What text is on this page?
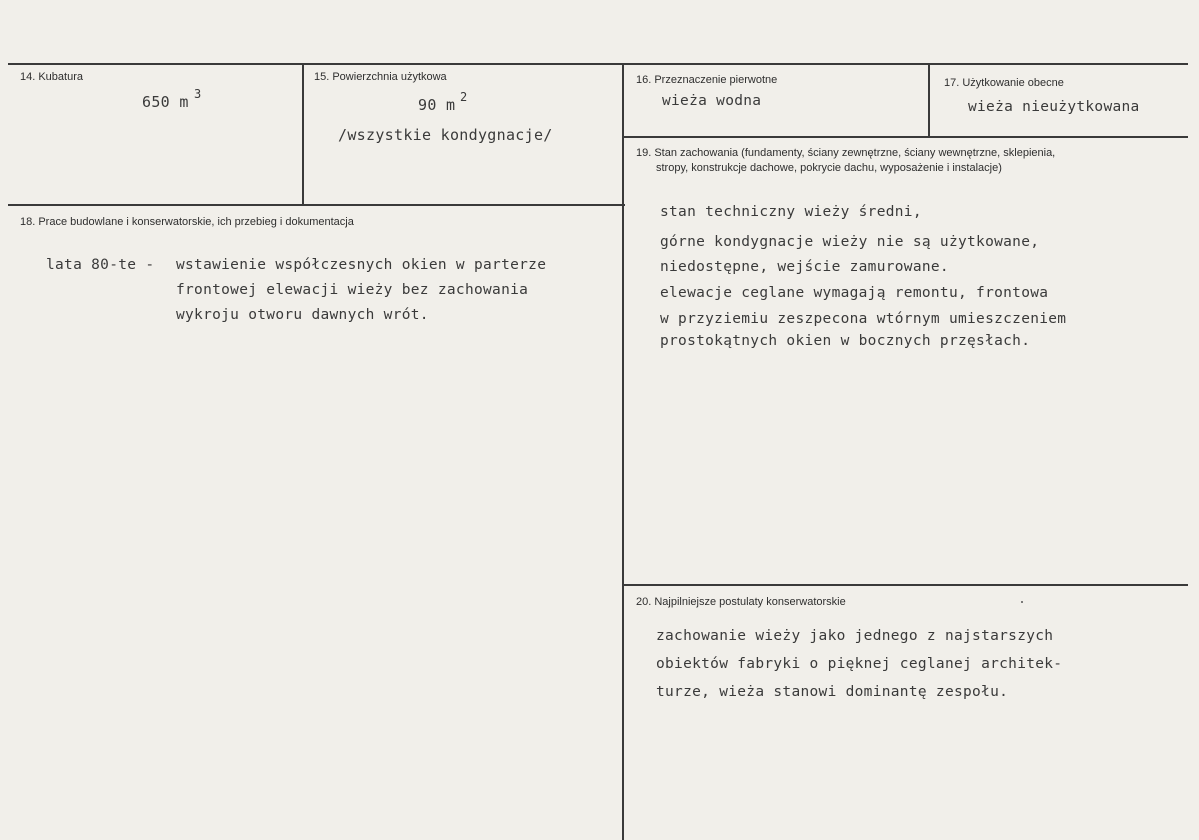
14. Kubatura
650 m 3
15. Powierzchnia użytkowa
90 m 2
/wszystkie kondygnacje/
16. Przeznaczenie pierwotne
wieża wodna
17. Użytkowanie obecne
wieża nieużytkowana
18. Prace budowlane i konserwatorskie, ich przebieg i dokumentacja
lata 80-te - wstawienie współczesnych okien w parterze
frontowej elewacji wieży bez zachowania
wykroju otworu dawnych wrót.
19. Stan zachowania (fundamenty, ściany zewnętrzne, ściany wewnętrzne, sklepienia,
stropy, konstrukcje dachowe, pokrycie dachu, wyposażenie i instalacje)
stan techniczny wieży średni,
górne kondygnacje wieży nie są użytkowane,
niedostępne, wejście zamurowane.
elewacje ceglane wymagają remontu, frontowa
w przyziemiu zeszpecona wtórnym umieszczeniem
prostokątnych okien w bocznych przęsłach.
20. Najpilniejsze postulaty konserwatorskie
zachowanie wieży jako jednego z najstarszych
obiektów fabryki o pięknej ceglanej architek-
turze, wieża stanowi dominantę zespołu.
